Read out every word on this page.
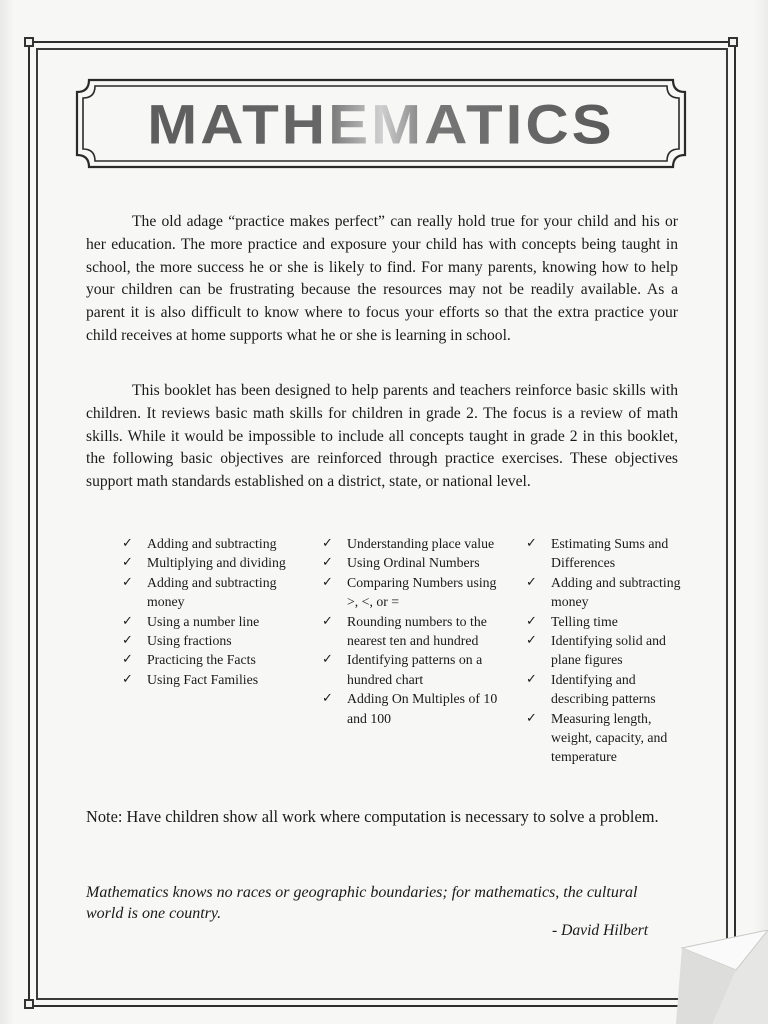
MATHEMATICS

The old adage “practice makes perfect” can really hold true for your child and his or her education. The more practice and exposure your child has with concepts being taught in school, the more success he or she is likely to find. For many parents, knowing how to help your children can be frustrating because the resources may not be readily available. As a parent it is also difficult to know where to focus your efforts so that the extra practice your child receives at home supports what he or she is learning in school.

This booklet has been designed to help parents and teachers reinforce basic skills with children. It reviews basic math skills for children in grade 2. The focus is a review of math skills. While it would be impossible to include all concepts taught in grade 2 in this booklet, the following basic objectives are reinforced through practice exercises. These objectives support math standards established on a district, state, or national level.

✓ Adding and subtracting
✓ Multiplying and dividing
✓ Adding and subtracting money
✓ Using a number line
✓ Using fractions
✓ Practicing the Facts
✓ Using Fact Families
✓ Understanding place value
✓ Using Ordinal Numbers
✓ Comparing Numbers using >, <, or =
✓ Rounding numbers to the nearest ten and hundred
✓ Identifying patterns on a hundred chart
✓ Adding On Multiples of 10 and 100
✓ Estimating Sums and Differences
✓ Adding and subtracting money
✓ Telling time
✓ Identifying solid and plane figures
✓ Identifying and describing patterns
✓ Measuring length, weight, capacity, and temperature

Note: Have children show all work where computation is necessary to solve a problem.

Mathematics knows no races or geographic boundaries; for mathematics, the cultural world is one country.

- David Hilbert
